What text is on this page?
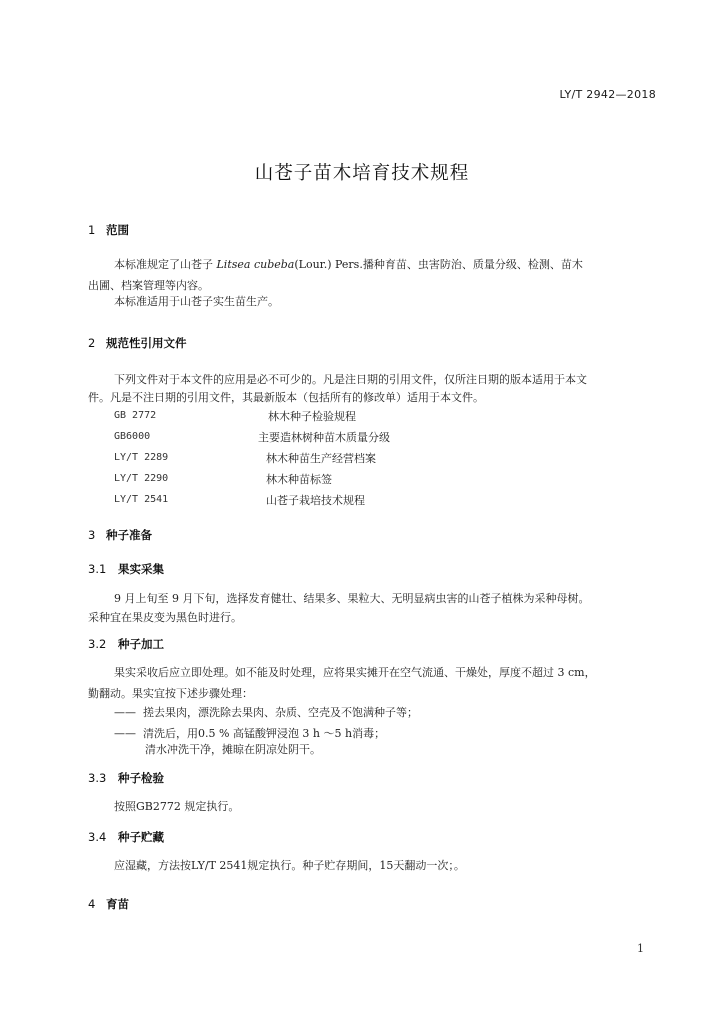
LY/T 2942—2018
山苍子苗木培育技术规程
1 范围
本标准规定了山苍子 Litsea cubeba(Lour.) Pers.播种育苗、虫害防治、质量分级、检测、苗木
出圃、档案管理等内容。
本标准适用于山苍子实生苗生产。
2 规范性引用文件
下列文件对于本文件的应用是必不可少的。凡是注日期的引用文件，仅所注日期的版本适用于本文
件。凡是不注日期的引用文件，其最新版本（包括所有的修改单）适用于本文件。
GB 2772	林木种子检验规程
GB6000	主要造林树种苗木质量分级
LY/T 2289	林木种苗生产经营档案
LY/T 2290	林木种苗标签
LY/T 2541	山苍子栽培技术规程
3 种子准备
3.1 果实采集
9 月上旬至 9 月下旬，选择发育健壮、结果多、果粒大、无明显病虫害的山苍子植株为采种母树。
采种宜在果皮变为黑色时进行。
3.2 种子加工
果实采收后应立即处理。如不能及时处理，应将果实摊开在空气流通、干燥处，厚度不超过 3 cm，
勤翻动。果实宜按下述步骤处理：
—— 搓去果肉，漂洗除去果肉、杂质、空壳及不饱满种子等；
—— 清洗后，用0.5 % 高锰酸钾浸泡 3 h ～5 h消毒；
清水冲洗干净，摊晾在阴凉处阴干。
3.3 种子检验
按照GB2772 规定执行。
3.4 种子贮藏
应湿藏，方法按LY/T 2541规定执行。种子贮存期间，15天翻动一次；。
4 育苗
1
